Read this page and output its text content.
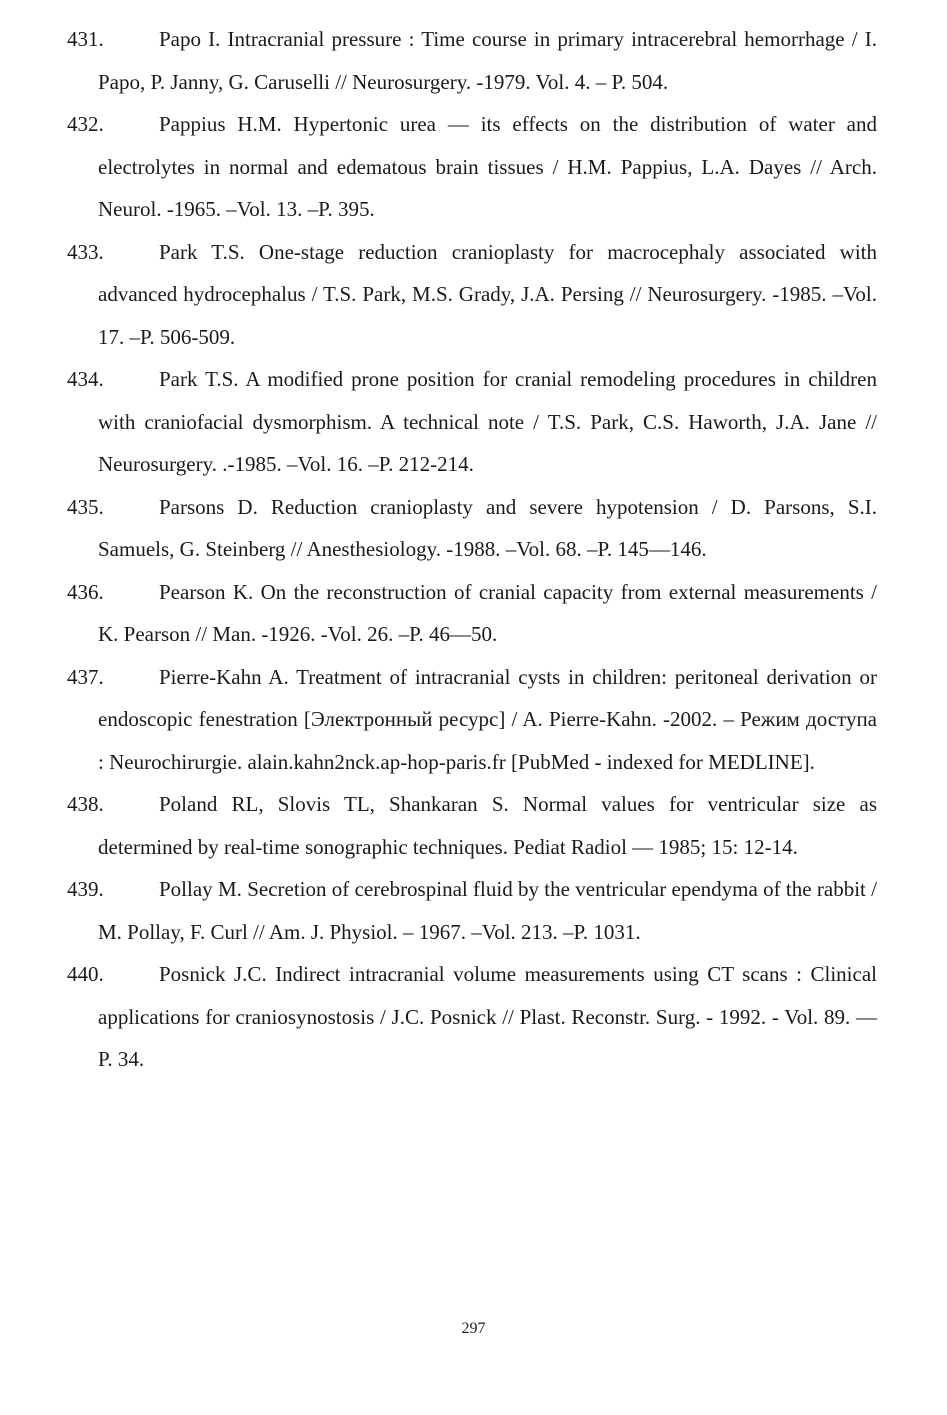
431.	Papo I. Intracranial pressure : Time course in primary intracerebral hemorrhage / I. Papo, P. Janny, G. Caruselli // Neurosurgery. -1979. Vol. 4. – P. 504.
432.	Pappius H.M. Hypertonic urea — its effects on the distribution of water and electrolytes in normal and edematous brain tissues / H.M. Pappius, L.A. Dayes // Arch. Neurol. -1965. –Vol. 13. –P. 395.
433.	Park T.S. One-stage reduction cranioplasty for macrocephaly associated with advanced hydrocephalus / T.S. Park, M.S. Grady, J.A. Persing // Neurosurgery. -1985. –Vol. 17. –P. 506-509.
434.	Park T.S. A modified prone position for cranial remodeling procedures in children with craniofacial dysmorphism. A technical note / T.S. Park, C.S. Haworth, J.A. Jane // Neurosurgery. .-1985. –Vol. 16. –P. 212-214.
435.	Parsons D. Reduction cranioplasty and severe hypotension / D. Parsons, S.I. Samuels, G. Steinberg // Anesthesiology. -1988. –Vol. 68. –P. 145—146.
436.	Pearson K. On the reconstruction of cranial capacity from external measurements / K. Pearson // Man. -1926. -Vol. 26. –P. 46—50.
437.	Pierre-Kahn A. Treatment of intracranial cysts in children: peritoneal derivation or endoscopic fenestration [Электронный ресурс] / A. Pierre-Kahn. -2002. – Режим доступа : Neurochirurgie. alain.kahn2nck.ap-hop-paris.fr [PubMed - indexed for MEDLINE].
438.	Poland RL, Slovis TL, Shankaran S. Normal values for ventricular size as determined by real-time sonographic techniques. Pediat Radiol — 1985; 15: 12-14.
439.	Pollay M. Secretion of cerebrospinal fluid by the ventricular ependyma of the rabbit / M. Pollay, F. Curl // Am. J. Physiol. – 1967. –Vol. 213. –P. 1031.
440.	Posnick J.C. Indirect intracranial volume measurements using CT scans : Clinical applications for craniosynostosis / J.C. Posnick // Plast. Reconstr. Surg. - 1992. - Vol. 89. — P. 34.
297
